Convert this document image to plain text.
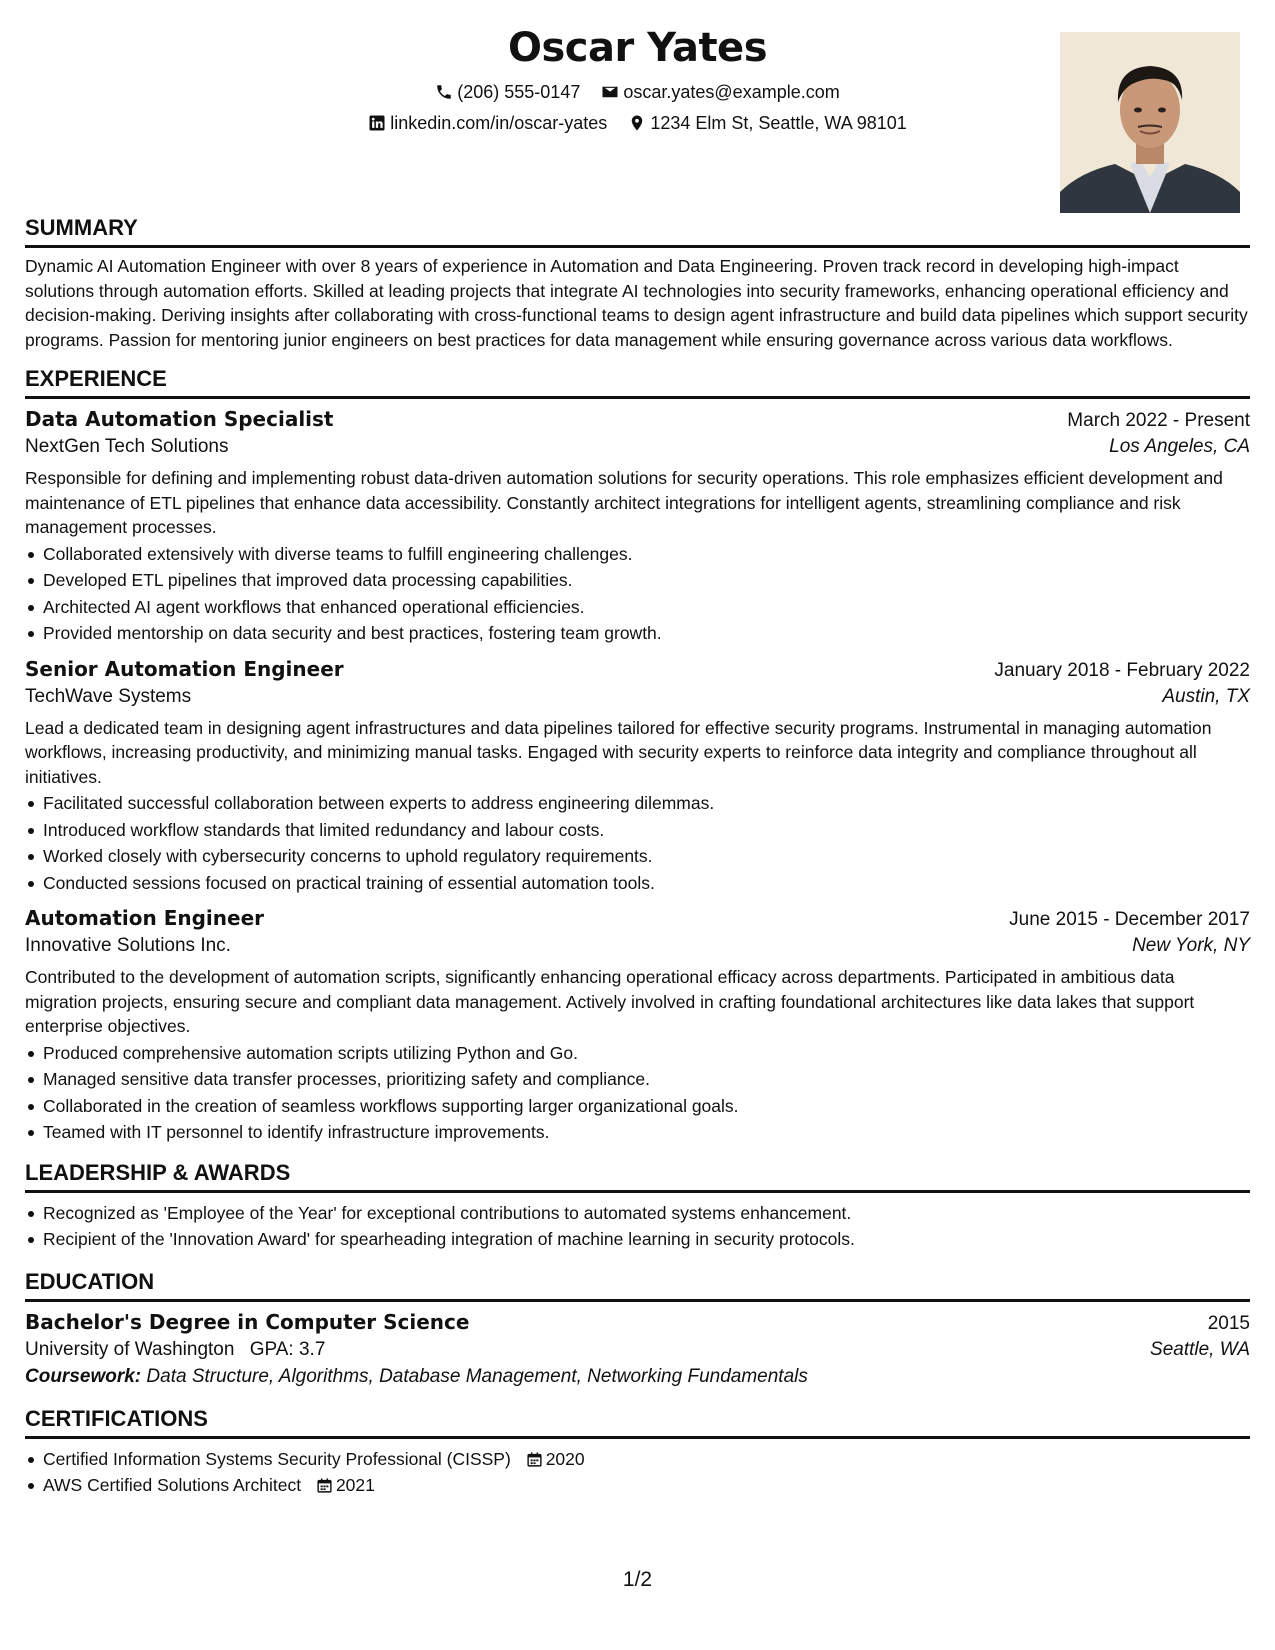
Oscar Yates
(206) 555-0147
oscar.yates@example.com
linkedin.com/in/oscar-yates
1234 Elm St, Seattle, WA 98101
SUMMARY

Dynamic AI Automation Engineer with over 8 years of experience in Automation and Data Engineering. Proven track record in developing high-impact solutions through automation efforts. Skilled at leading projects that integrate AI technologies into security frameworks, enhancing operational efficiency and decision-making. Deriving insights after collaborating with cross-functional teams to design agent infrastructure and build data pipelines which support security programs. Passion for mentoring junior engineers on best practices for data management while ensuring governance across various data workflows.

EXPERIENCE
Data Automation Specialist	March 2022 - Present
NextGen Tech Solutions	Los Angeles, CA

Responsible for defining and implementing robust data-driven automation solutions for security operations. This role emphasizes efficient development and maintenance of ETL pipelines that enhance data accessibility. Constantly architect integrations for intelligent agents, streamlining compliance and risk management processes.

Collaborated extensively with diverse teams to fulfill engineering challenges.
Developed ETL pipelines that improved data processing capabilities.
Architected AI agent workflows that enhanced operational efficiencies.
Provided mentorship on data security and best practices, fostering team growth.
Senior Automation Engineer	January 2018 - February 2022
TechWave Systems	Austin, TX

Lead a dedicated team in designing agent infrastructures and data pipelines tailored for effective security programs. Instrumental in managing automation workflows, increasing productivity, and minimizing manual tasks. Engaged with security experts to reinforce data integrity and compliance throughout all initiatives.

Facilitated successful collaboration between experts to address engineering dilemmas.
Introduced workflow standards that limited redundancy and labour costs.
Worked closely with cybersecurity concerns to uphold regulatory requirements.
Conducted sessions focused on practical training of essential automation tools.
Automation Engineer	June 2015 - December 2017
Innovative Solutions Inc.	New York, NY

Contributed to the development of automation scripts, significantly enhancing operational efficacy across departments. Participated in ambitious data migration projects, ensuring secure and compliant data management. Actively involved in crafting foundational architectures like data lakes that support enterprise objectives.

Produced comprehensive automation scripts utilizing Python and Go.
Managed sensitive data transfer processes, prioritizing safety and compliance.
Collaborated in the creation of seamless workflows supporting larger organizational goals.
Teamed with IT personnel to identify infrastructure improvements.
LEADERSHIP & AWARDS
Recognized as 'Employee of the Year' for exceptional contributions to automated systems enhancement.
Recipient of the 'Innovation Award' for spearheading integration of machine learning in security protocols.
EDUCATION
Bachelor's Degree in Computer Science	2015
University of Washington GPA: 3.7	Seattle, WA
Coursework: Data Structure, Algorithms, Database Management, Networking Fundamentals
CERTIFICATIONS
Certified Information Systems Security Professional (CISSP) 2020
AWS Certified Solutions Architect 2021
1/2
